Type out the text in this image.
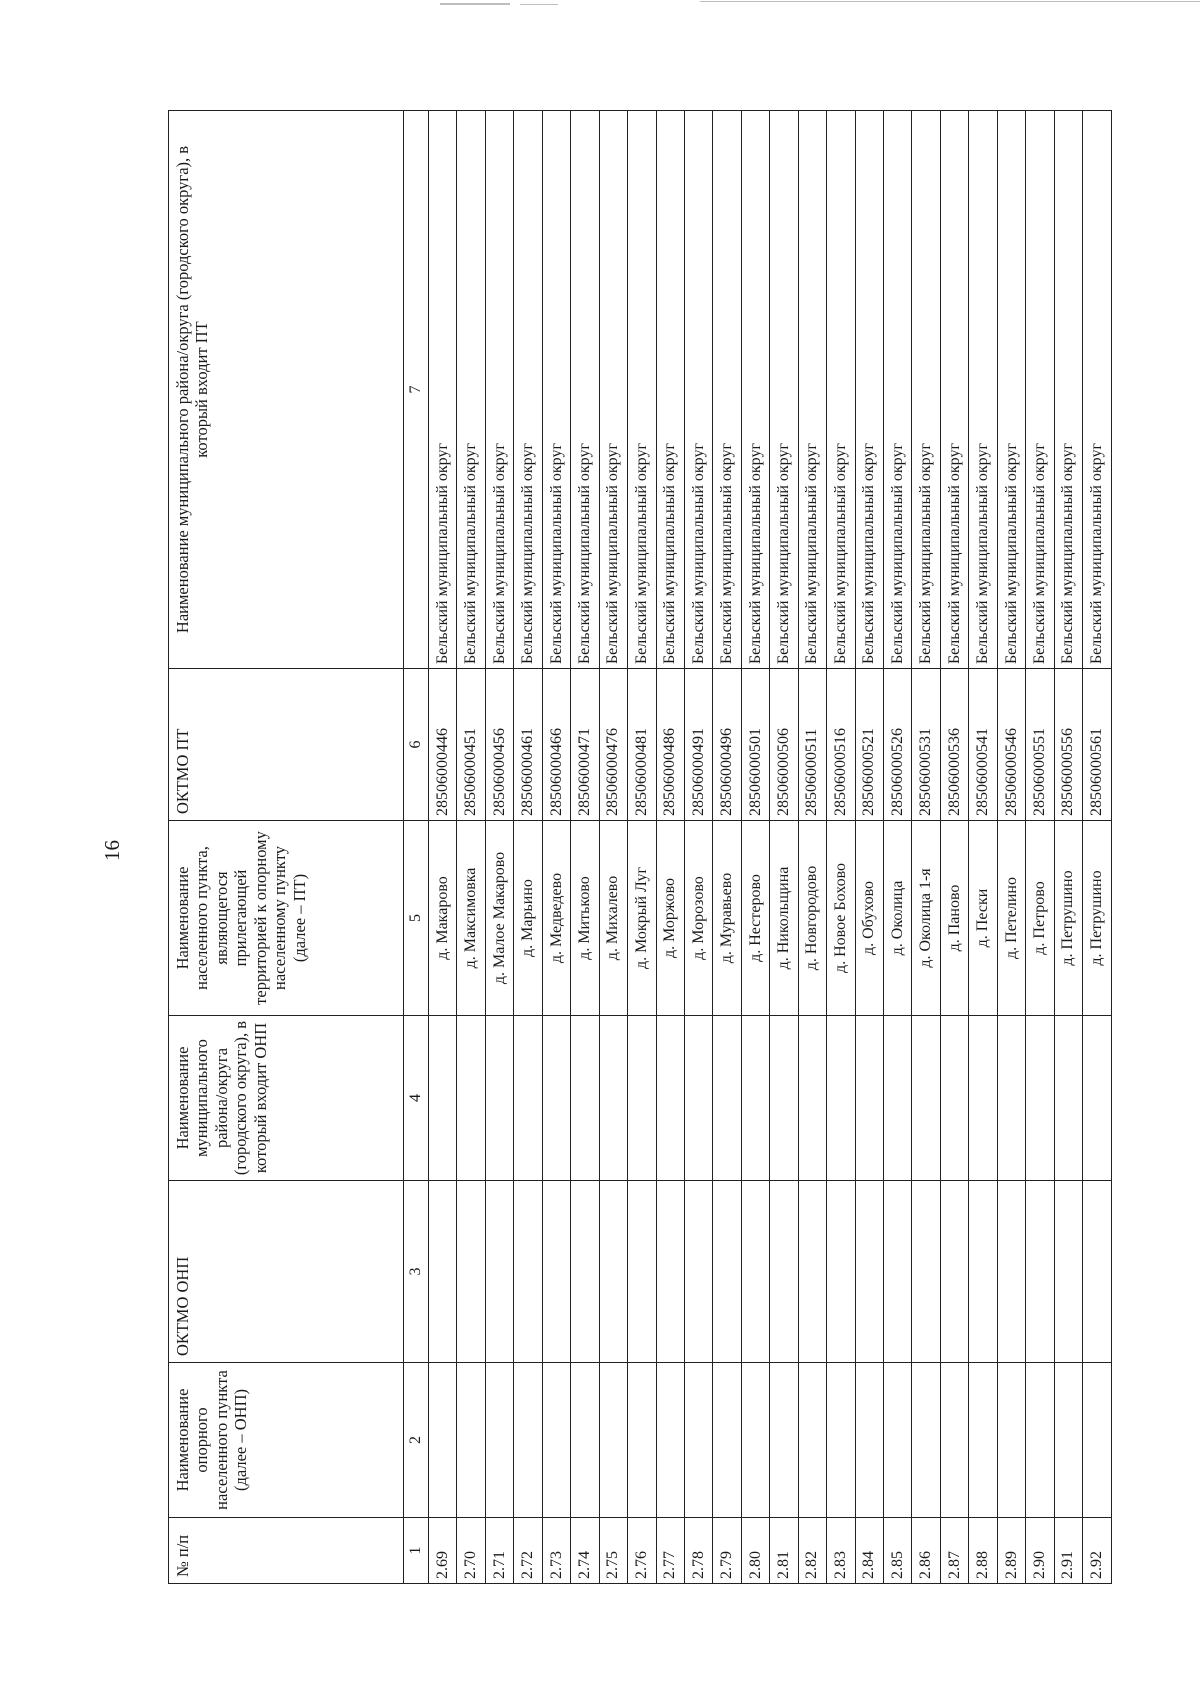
16
№ п/п	Наименование опорного населенного пункта (далее – ОНП)	ОКТМО ОНП	Наименование муниципального района/округа (городского округа), в который входит ОНП	Наименование населенного пункта, являющегося прилегающей территорией к опорному населенному пункту (далее – ПТ)	ОКТМО ПТ	Наименование муниципального района/округа (городского округа), в который входит ПТ
1	2	3	4	5	6	7
2.69				д. Макарово	28506000446	Бельский муниципальный округ
2.70				д. Максимовка	28506000451	Бельский муниципальный округ
2.71				д. Малое Макарово	28506000456	Бельский муниципальный округ
2.72				д. Марьино	28506000461	Бельский муниципальный округ
2.73				д. Медведево	28506000466	Бельский муниципальный округ
2.74				д. Митьково	28506000471	Бельский муниципальный округ
2.75				д. Михалево	28506000476	Бельский муниципальный округ
2.76				д. Мокрый Луг	28506000481	Бельский муниципальный округ
2.77				д. Моржово	28506000486	Бельский муниципальный округ
2.78				д. Морозово	28506000491	Бельский муниципальный округ
2.79				д. Муравьево	28506000496	Бельский муниципальный округ
2.80				д. Нестерово	28506000501	Бельский муниципальный округ
2.81				д. Никольщина	28506000506	Бельский муниципальный округ
2.82				д. Новгородово	28506000511	Бельский муниципальный округ
2.83				д. Новое Бохово	28506000516	Бельский муниципальный округ
2.84				д. Обухово	28506000521	Бельский муниципальный округ
2.85				д. Околица	28506000526	Бельский муниципальный округ
2.86				д. Околица 1-я	28506000531	Бельский муниципальный округ
2.87				д. Паново	28506000536	Бельский муниципальный округ
2.88				д. Пески	28506000541	Бельский муниципальный округ
2.89				д. Петелино	28506000546	Бельский муниципальный округ
2.90				д. Петрово	28506000551	Бельский муниципальный округ
2.91				д. Петрушино	28506000556	Бельский муниципальный округ
2.92				д. Петрушино	28506000561	Бельский муниципальный округ
